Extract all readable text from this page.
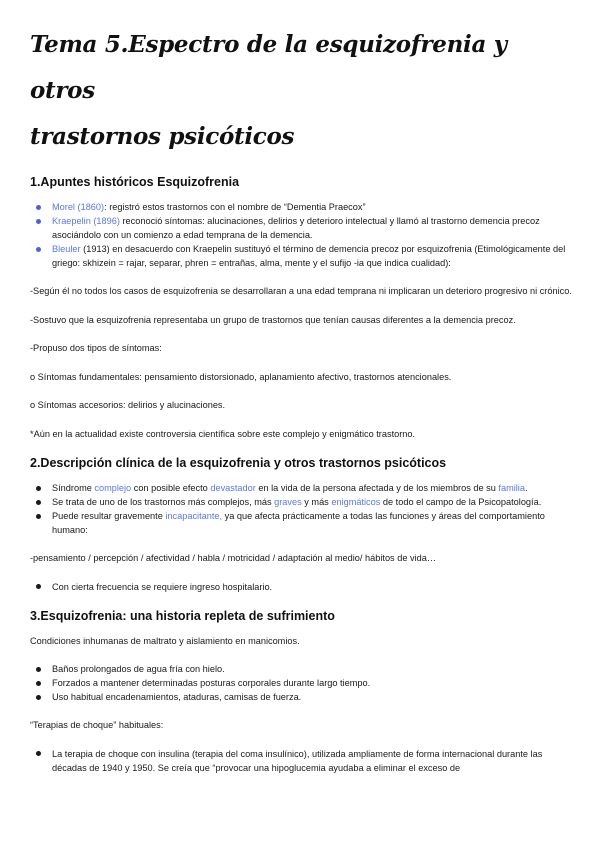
Tema 5.Espectro de la esquizofrenia y otros
trastornos psicóticos
1.Apuntes históricos Esquizofrenia
Morel (1860): registró estos trastornos con el nombre de “Dementia Praecox”
Kraepelin (1896) reconoció síntomas: alucinaciones, delirios y deterioro intelectual y llamó al trastorno demencia precoz asociándolo con un comienzo a edad temprana de la demencia.
Bleuler (1913) en desacuerdo con Kraepelin sustituyó el término de demencia precoz por esquizofrenia (Etimológicamente del griego: skhizein = rajar, separar, phren = entrañas, alma, mente y el sufijo -ia que indica cualidad):

-Según él no todos los casos de esquizofrenia se desarrollaran a una edad temprana ni implicaran un deterioro progresivo ni crónico.

-Sostuvo que la esquizofrenia representaba un grupo de trastornos que tenían causas diferentes a la demencia precoz.

-Propuso dos tipos de síntomas:

o Síntomas fundamentales: pensamiento distorsionado, aplanamiento afectivo, trastornos atencionales.

o Síntomas accesorios: delirios y alucinaciones.

*Aún en la actualidad existe controversia científica sobre este complejo y enigmático trastorno.

2.Descripción clínica de la esquizofrenia y otros trastornos psicóticos
Síndrome complejo con posible efecto devastador en la vida de la persona afectada y de los miembros de su familia.
Se trata de uno de los trastornos más complejos, más graves y más enigmáticos de todo el campo de la Psicopatología.
Puede resultar gravemente incapacitante, ya que afecta prácticamente a todas las funciones y áreas del comportamiento humano:

-pensamiento / percepción / afectividad / habla / motricidad / adaptación al medio/ hábitos de vida…

Con cierta frecuencia se requiere ingreso hospitalario.
3.Esquizofrenia: una historia repleta de sufrimiento

Condiciones inhumanas de maltrato y aislamiento en manicomios.

Baños prolongados de agua fría con hielo.
Forzados a mantener determinadas posturas corporales durante largo tiempo.
Uso habitual encadenamientos, ataduras, camisas de fuerza.

“Terapias de choque” habituales:

La terapia de choque con insulina (terapia del coma insulínico), utilizada ampliamente de forma internacional durante las décadas de 1940 y 1950. Se creía que “provocar una hipoglucemia ayudaba a eliminar el exceso de
